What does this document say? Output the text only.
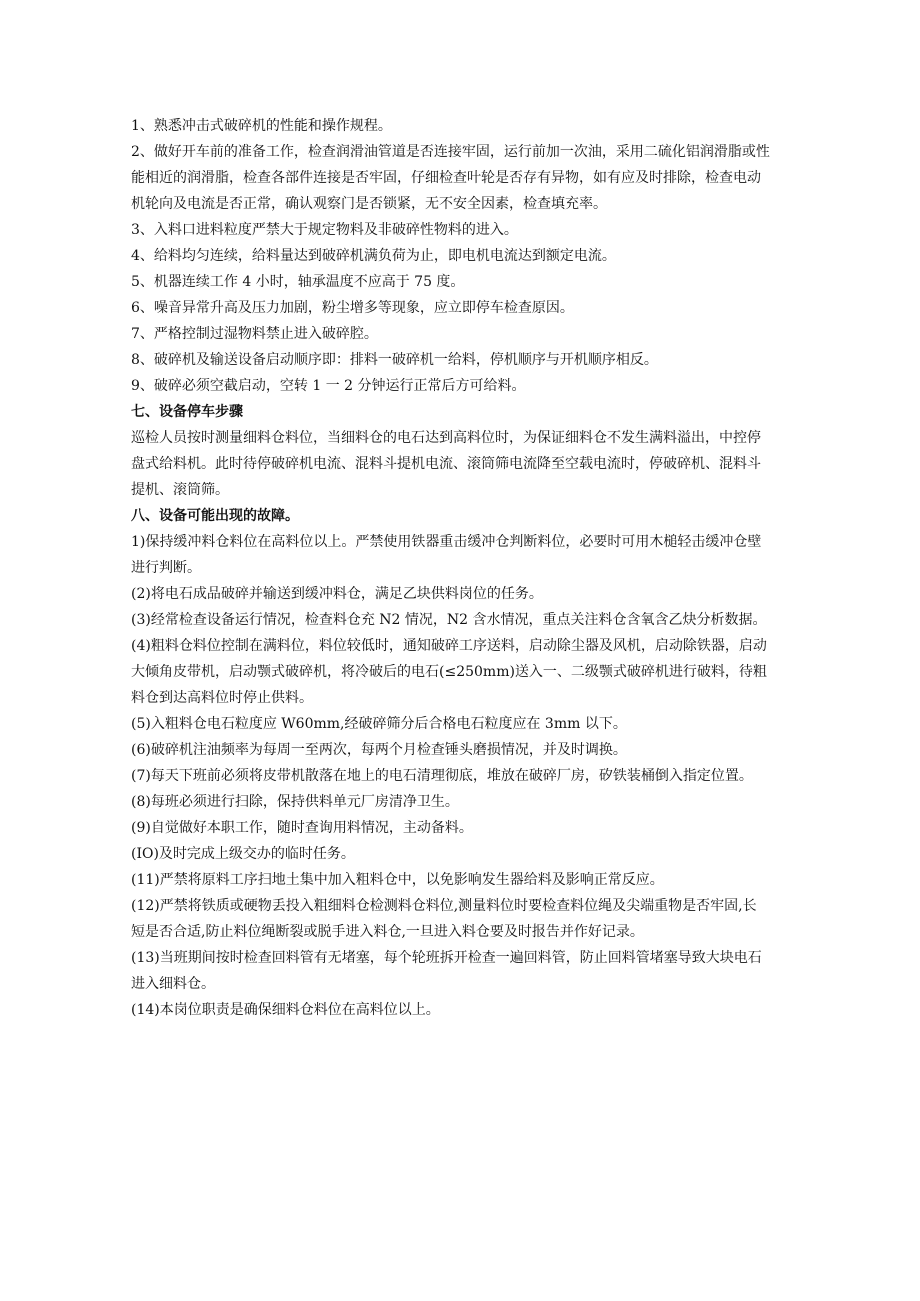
1、熟悉冲击式破碎机的性能和操作规程。
2、做好开车前的准备工作，检查润滑油管道是否连接牢固，运行前加一次油，采用二硫化铝润滑脂或性
能相近的润滑脂，检查各部件连接是否牢固，仔细检查叶轮是否存有异物，如有应及时排除，检查电动
机轮向及电流是否正常，确认观察门是否锁紧，无不安全因素，检查填充率。
3、入料口进料粒度严禁大于规定物料及非破碎性物料的进入。
4、给料均匀连续，给料量达到破碎机满负荷为止，即电机电流达到额定电流。
5、机器连续工作 4 小时，轴承温度不应高于 75 度。
6、噪音异常升高及压力加剧，粉尘增多等现象，应立即停车检查原因。
7、严格控制过湿物料禁止进入破碎腔。
8、破碎机及输送设备启动顺序即：排料一破碎机一给料，停机顺序与开机顺序相反。
9、破碎必须空截启动，空转 1 一 2 分钟运行正常后方可给料。
七、设备停车步骤
巡检人员按时测量细料仓料位，当细料仓的电石达到高料位时，为保证细料仓不发生满料溢出，中控停
盘式给料机。此时待停破碎机电流、混料斗提机电流、滚筒筛电流降至空载电流时，停破碎机、混料斗
提机、滚筒筛。
八、设备可能出现的故障。
1)保持缓冲料仓料位在高料位以上。严禁使用铁器重击缓冲仓判断料位，必要时可用木槌轻击缓冲仓壁
进行判断。
(2)将电石成品破碎并输送到缓冲料仓，满足乙块供料岗位的任务。
(3)经常检查设备运行情况，检查料仓充 N2 情况，N2 含水情况，重点关注料仓含氧含乙炔分析数据。
(4)粗料仓料位控制在满料位，料位较低时，通知破碎工序送料，启动除尘器及风机，启动除铁器，启动
大倾角皮带机，启动颚式破碎机，将冷破后的电石(≤250mm)送入一、二级颚式破碎机进行破料，待粗
料仓到达高料位时停止供料。
(5)入粗料仓电石粒度应 W60mm,经破碎筛分后合格电石粒度应在 3mm 以下。
(6)破碎机注油频率为每周一至两次，每两个月检查锤头磨损情况，并及时调换。
(7)每天下班前必须将皮带机散落在地上的电石清理彻底，堆放在破碎厂房，矽铁装桶倒入指定位置。
(8)每班必须进行扫除，保持供料单元厂房清净卫生。
(9)自觉做好本职工作，随时查询用料情况，主动备料。
(IO)及时完成上级交办的临时任务。
(11)严禁将原料工序扫地土集中加入粗料仓中，以免影响发生器给料及影响正常反应。
(12)严禁将铁质或硬物丢投入粗细料仓检测料仓料位,测量料位时要检查料位绳及尖端重物是否牢固,长
短是否合适,防止料位绳断裂或脱手进入料仓,一旦进入料仓要及时报告并作好记录。
(13)当班期间按时检查回料管有无堵塞，每个轮班拆开检查一遍回料管，防止回料管堵塞导致大块电石
进入细料仓。
(14)本岗位职责是确保细料仓料位在高料位以上。
